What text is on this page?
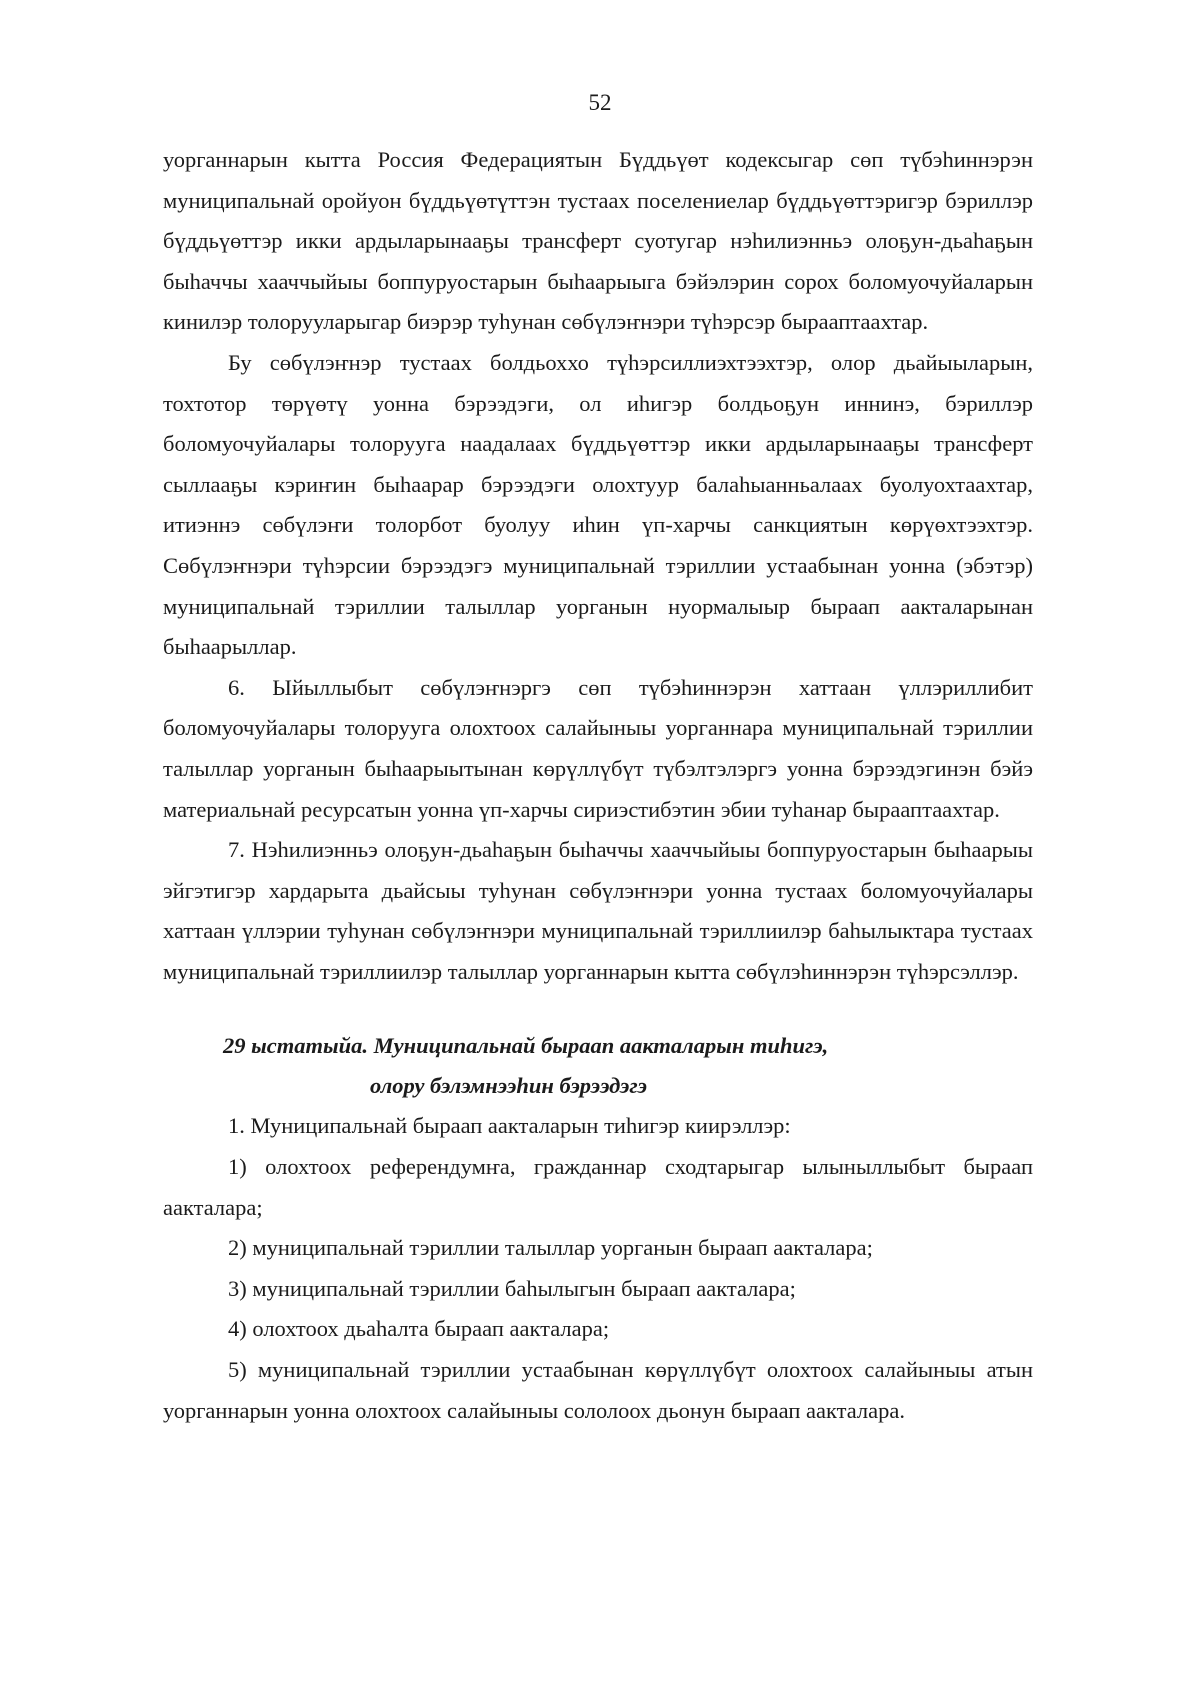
52

уорганнарын кытта Россия Федерациятын Бүддьүөт кодексыгар сөп түбэһиннэрэн муниципальнай оройуон бүддьүөтүттэн тустаах поселениелар бүддьүөттэригэр бэриллэр бүддьүөттэр икки ардыларынааҕы трансферт суотугар нэһилиэнньэ олоҕун-дьаһаҕын быһаччы хааччыйыы боппуруостарын быһаарыыга бэйэлэрин сорох боломуочуйаларын кинилэр толорууларыгар биэрэр туһунан сөбүлэҥнэри түһэрсэр бырааптаахтар.

Бу сөбүлэҥнэр тустаах болдьоххо түһэрсиллиэхтээхтэр, олор дьайыыларын, тохтотор төрүөтү уонна бэрээдэги, ол иһигэр болдьоҕун иннинэ, бэриллэр боломуочуйалары толорууга наадалаах бүддьүөттэр икки ардыларынааҕы трансферт сыллааҕы кэриҥин быһаарар бэрээдэги олохтуур балаһыанньалаах буолуохтаахтар, итиэннэ сөбүлэҥи толорбот буолуу иһин үп-харчы санкциятын көрүөхтээхтэр. Сөбүлэҥнэри түһэрсии бэрээдэгэ муниципальнай тэриллии устаабынан уонна (эбэтэр) муниципальнай тэриллии талыллар уорганын нуормалыыр быраап аакталарынан быһаарыллар.

6. Ыйыллыбыт сөбүлэҥнэргэ сөп түбэһиннэрэн хаттаан үллэриллибит боломуочуйалары толорууга олохтоох салайыныы уорганнара муниципальнай тэриллии талыллар уорганын быһаарыытынан көрүллүбүт түбэлтэлэргэ уонна бэрээдэгинэн бэйэ материальнай ресурсатын уонна үп-харчы сириэстибэтин эбии туһанар бырааптаахтар.

7. Нэһилиэнньэ олоҕун-дьаһаҕын быһаччы хааччыйыы боппуруостарын быһаарыы эйгэтигэр хардарыта дьайсыы туһунан сөбүлэҥнэри уонна тустаах боломуочуйалары хаттаан үллэрии туһунан сөбүлэҥнэри муниципальнай тэриллиилэр баһылыктара тустаах муниципальнай тэриллиилэр талыллар уорганнарын кытта сөбүлэһиннэрэн түһэрсэллэр.

29 ыстатыйа. Муниципальнай быраап аакталарын тиһигэ,
олору бэлэмнээһин бэрээдэгэ

1. Муниципальнай быраап аакталарын тиһигэр киирэллэр:

1) олохтоох референдумҥа, гражданнар сходтарыгар ылыныллыбыт быраап аакталара;

2) муниципальнай тэриллии талыллар уорганын быраап аакталара;

3) муниципальнай тэриллии баһылыгын быраап аакталара;

4) олохтоох дьаһалта быраап аакталара;

5) муниципальнай тэриллии устаабынан көрүллүбүт олохтоох салайыныы атын уорганнарын уонна олохтоох салайыныы сололоох дьонун быраап аакталара.
